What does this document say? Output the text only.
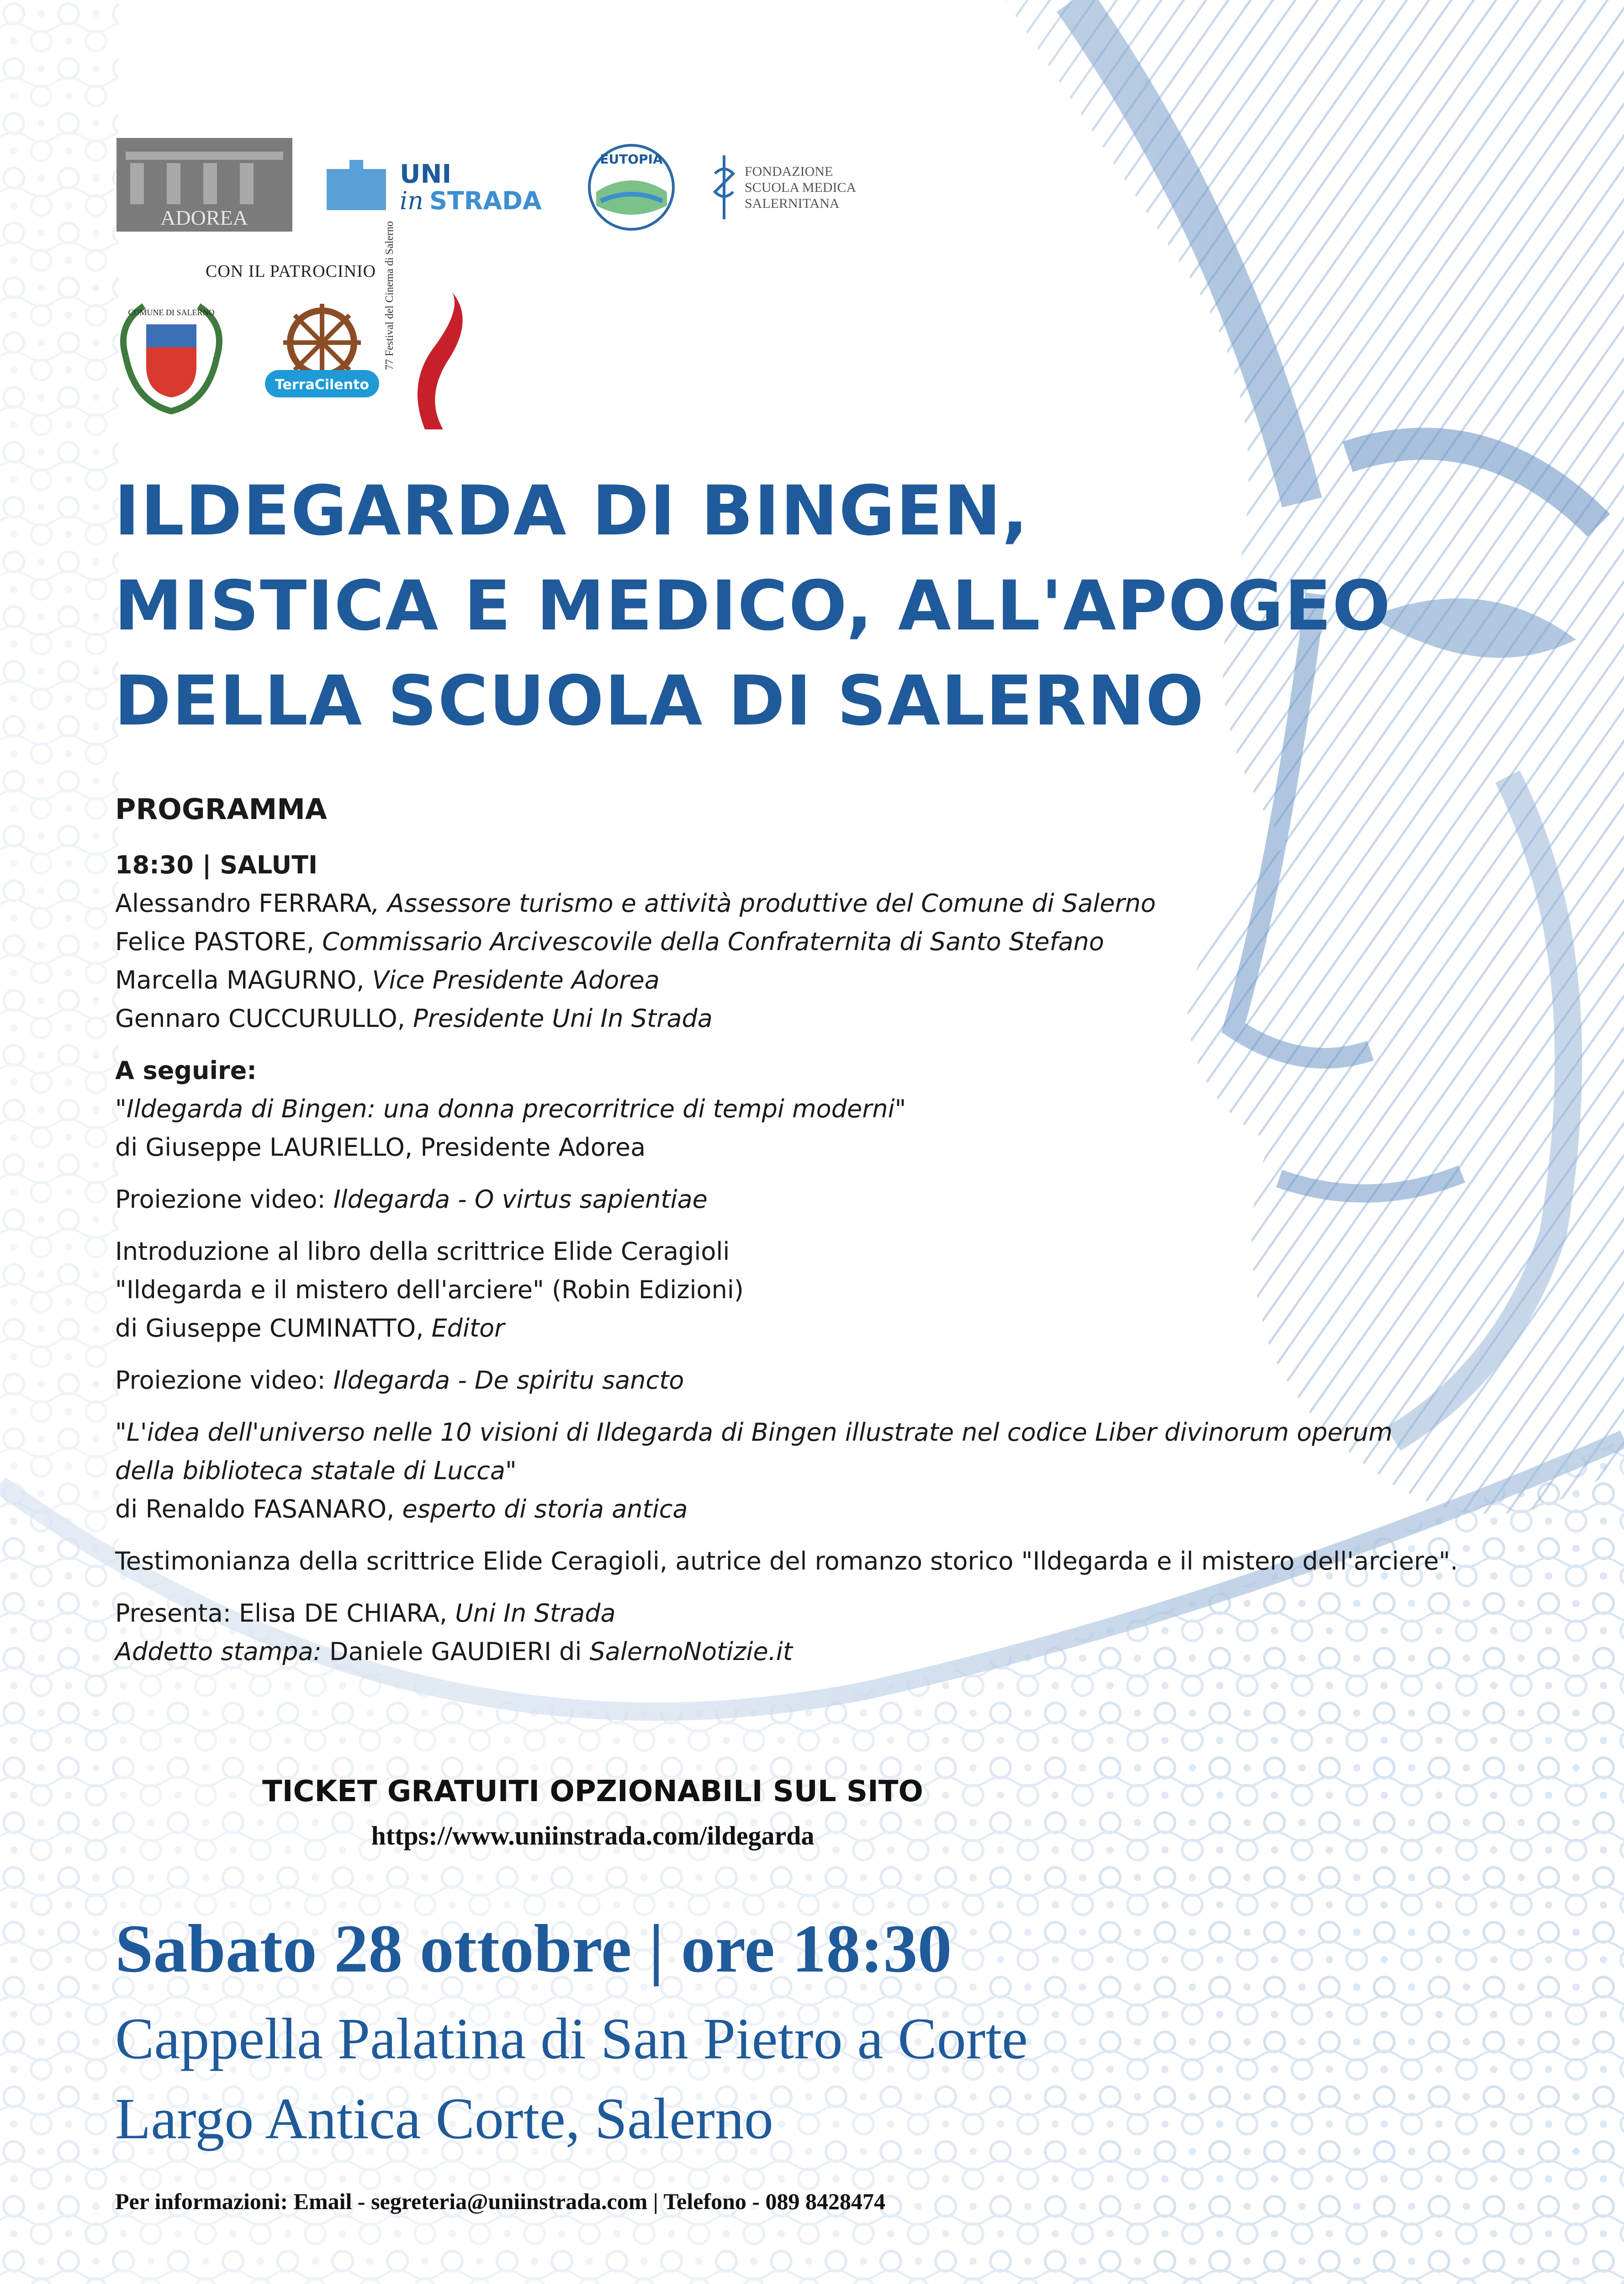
ADOREA
UNI
in STRADA
EUTOPIA
FONDAZIONE
SCUOLA MEDICA
SALERNITANA
CON IL PATROCINIO
COMUNE DI SALERNO
TerraCilento
77 Festival del Cinema di Salerno
ILDEGARDA DI BINGEN,
MISTICA E MEDICO, ALL'APOGEO
DELLA SCUOLA DI SALERNO

PROGRAMMA

18:30 | SALUTI

Alessandro FERRARA, Assessore turismo e attività produttive del Comune di Salerno

Felice PASTORE, Commissario Arcivescovile della Confraternita di Santo Stefano

Marcella MAGURNO, Vice Presidente Adorea

Gennaro CUCCURULLO, Presidente Uni In Strada

A seguire:

"Ildegarda di Bingen: una donna precorritrice di tempi moderni"

di Giuseppe LAURIELLO, Presidente Adorea

Proiezione video: Ildegarda - O virtus sapientiae

Introduzione al libro della scrittrice Elide Ceragioli

"Ildegarda e il mistero dell'arciere" (Robin Edizioni)

di Giuseppe CUMINATTO, Editor

Proiezione video: Ildegarda - De spiritu sancto

"L'idea dell'universo nelle 10 visioni di Ildegarda di Bingen illustrate nel codice Liber divinorum operum

della biblioteca statale di Lucca"

di Renaldo FASANARO, esperto di storia antica

Testimonianza della scrittrice Elide Ceragioli, autrice del romanzo storico "Ildegarda e il mistero dell'arciere".

Presenta: Elisa DE CHIARA, Uni In Strada

Addetto stampa: Daniele GAUDIERI di SalernoNotizie.it

TICKET GRATUITI OPZIONABILI SUL SITO
https://www.uniinstrada.com/ildegarda
Sabato 28 ottobre | ore 18:30
Cappella Palatina di San Pietro a Corte
Largo Antica Corte, Salerno
Per informazioni: Email - segreteria@uniinstrada.com | Telefono - 089 8428474
